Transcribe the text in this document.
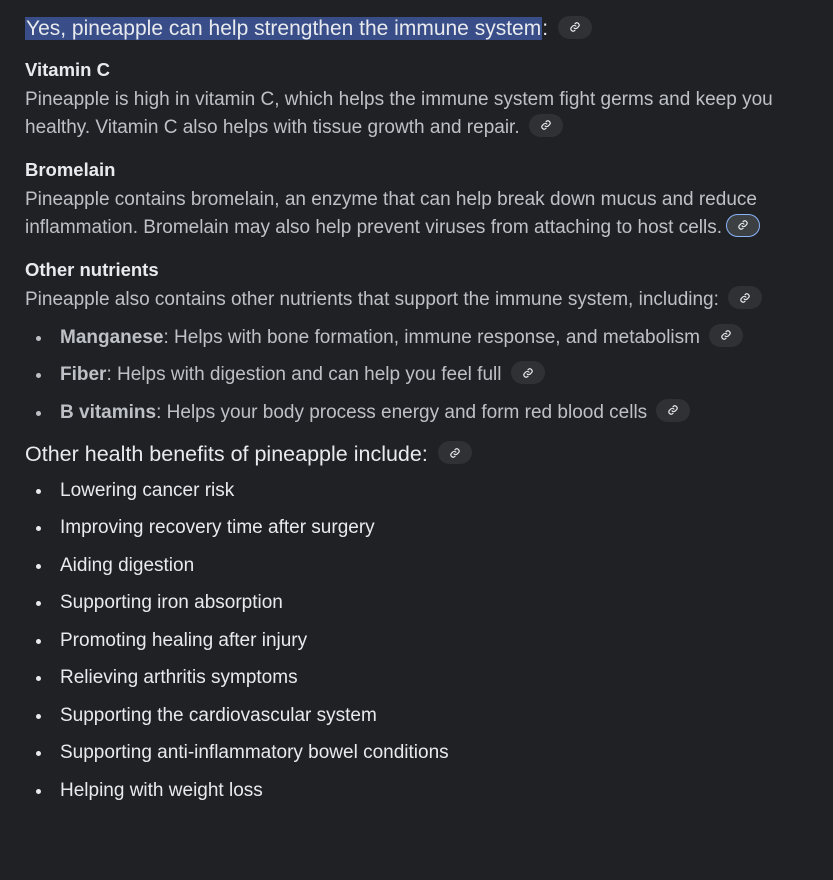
Yes, pineapple can help strengthen the immune system:
Vitamin C

Pineapple is high in vitamin C, which helps the immune system fight germs and keep you healthy. Vitamin C also helps with tissue growth and repair.

Bromelain

Pineapple contains bromelain, an enzyme that can help break down mucus and reduce inflammation. Bromelain may also help prevent viruses from attaching to host cells.

Other nutrients

Pineapple also contains other nutrients that support the immune system, including:

Manganese: Helps with bone formation, immune response, and metabolism
Fiber: Helps with digestion and can help you feel full
B vitamins: Helps your body process energy and form red blood cells
Other health benefits of pineapple include:
Lowering cancer risk
Improving recovery time after surgery
Aiding digestion
Supporting iron absorption
Promoting healing after injury
Relieving arthritis symptoms
Supporting the cardiovascular system
Supporting anti-inflammatory bowel conditions
Helping with weight loss
